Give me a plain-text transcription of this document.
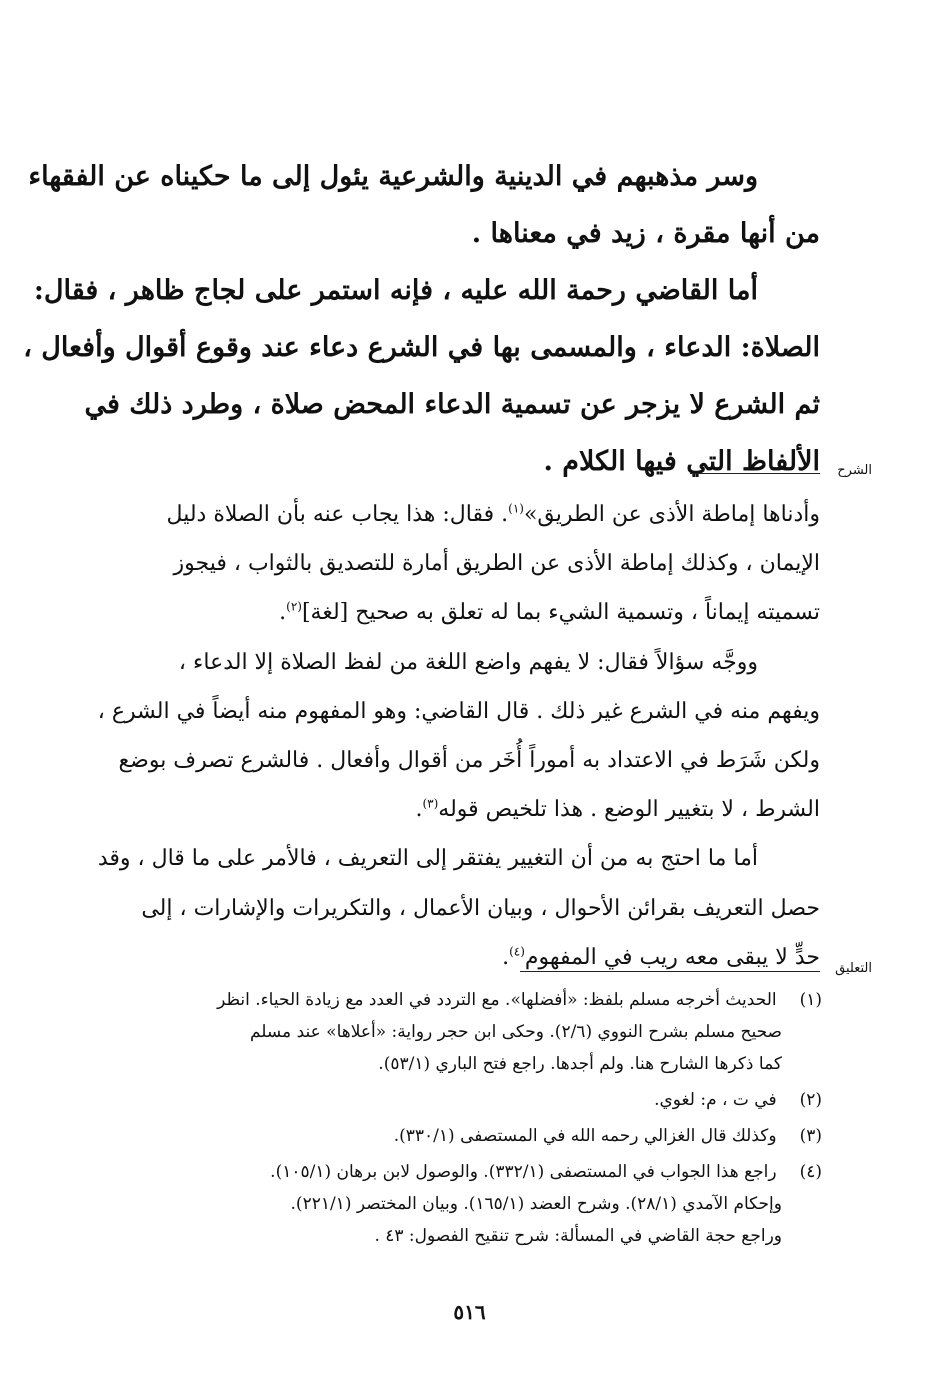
وسر مذهبهم في الدينية والشرعية يئول إلى ما حكيناه عن الفقهاء
من أنها مقرة ، زيد في معناها .
أما القاضي رحمة الله عليه ، فإنه استمر على لجاج ظاهر ، فقال:
الصلاة: الدعاء ، والمسمى بها في الشرع دعاء عند وقوع أقوال وأفعال ،
ثم الشرع لا يزجر عن تسمية الدعاء المحض صلاة ، وطرد ذلك في
الألفاظ التي فيها الكلام . الشرح
وأدناها إماطة الأذى عن الطريق»$^{(١)}$. فقال: هذا يجاب عنه بأن الصلاة دليل
الإيمان ، وكذلك إماطة الأذى عن الطريق أمارة للتصديق بالثواب ، فيجوز
تسميته إيماناً ، وتسمية الشيء بما له تعلق به صحيح [لغة]$^{(٢)}$.
ووجَّه سؤالاً فقال: لا يفهم واضع اللغة من لفظ الصلاة إلا الدعاء ،
ويفهم منه في الشرع غير ذلك . قال القاضي: وهو المفهوم منه أيضاً في الشرع ،
ولكن شَرَط في الاعتداد به أموراً أُخَر من أقوال وأفعال . فالشرع تصرف بوضع
الشرط ، لا بتغيير الوضع . هذا تلخيص قوله$^{(٣)}$.
أما ما احتج به من أن التغيير يفتقر إلى التعريف ، فالأمر على ما قال ، وقد
حصل التعريف بقرائن الأحوال ، وبيان الأعمال ، والتكريرات والإشارات ، إلى
حدٍّ لا يبقى معه ريب في المفهوم$^{(٤)}$.	التعليق
(١) الحديث أخرجه مسلم بلفظ: «أفضلها». مع التردد في العدد مع زيادة الحياء. انظر
صحيح مسلم بشرح النووي (٢/٦). وحكى ابن حجر رواية: «أعلاها» عند مسلم
كما ذكرها الشارح هنا. ولم أجدها. راجع فتح الباري (٥٣/١).
(٢) في ت ، م: لغوي.
(٣) وكذلك قال الغزالي رحمه الله في المستصفى (٣٣٠/١).
(٤) راجع هذا الجواب في المستصفى (٣٣٢/١). والوصول لابن برهان (١٠٥/١).
وإحكام الآمدي (٢٨/١). وشرح العضد (١٦٥/١). وبيان المختصر (٢٢١/١).
وراجع حجة القاضي في المسألة: شرح تنقيح الفصول: ٤٣ .
٥١٦
